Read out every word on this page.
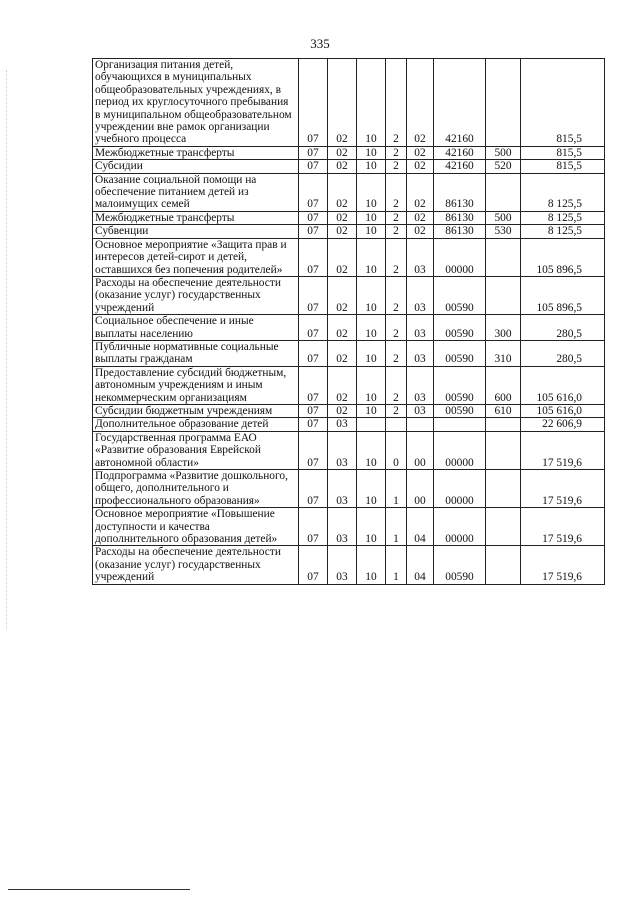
335
Организация питания детей, обучающихся в муниципальных общеобразовательных учреждениях, в период их круглосуточного пребывания в муниципальном общеобразовательном учреждении вне рамок организации учебного процесса	07	02	10	2	02	42160		815,5
Межбюджетные трансферты	07	02	10	2	02	42160	500	815,5
Субсидии	07	02	10	2	02	42160	520	815,5
Оказание социальной помощи на обеспечение питанием детей из малоимущих семей	07	02	10	2	02	86130		8 125,5
Межбюджетные трансферты	07	02	10	2	02	86130	500	8 125,5
Субвенции	07	02	10	2	02	86130	530	8 125,5
Основное мероприятие «Защита прав и интересов детей-сирот и детей, оставшихся без попечения родителей»	07	02	10	2	03	00000		105 896,5
Расходы на обеспечение деятельности (оказание услуг) государственных учреждений	07	02	10	2	03	00590		105 896,5
Социальное обеспечение и иные выплаты населению	07	02	10	2	03	00590	300	280,5
Публичные нормативные социальные выплаты гражданам	07	02	10	2	03	00590	310	280,5
Предоставление субсидий бюджетным, автономным учреждениям и иным некоммерческим организациям	07	02	10	2	03	00590	600	105 616,0
Субсидии бюджетным учреждениям	07	02	10	2	03	00590	610	105 616,0
Дополнительное образование детей	07	03						22 606,9
Государственная программа ЕАО «Развитие образования Еврейской автономной области»	07	03	10	0	00	00000		17 519,6
Подпрограмма «Развитие дошкольного, общего, дополнительного и профессионального образования»	07	03	10	1	00	00000		17 519,6
Основное мероприятие «Повышение доступности и качества дополнительного образования детей»	07	03	10	1	04	00000		17 519,6
Расходы на обеспечение деятельности (оказание услуг) государственных учреждений	07	03	10	1	04	00590		17 519,6
